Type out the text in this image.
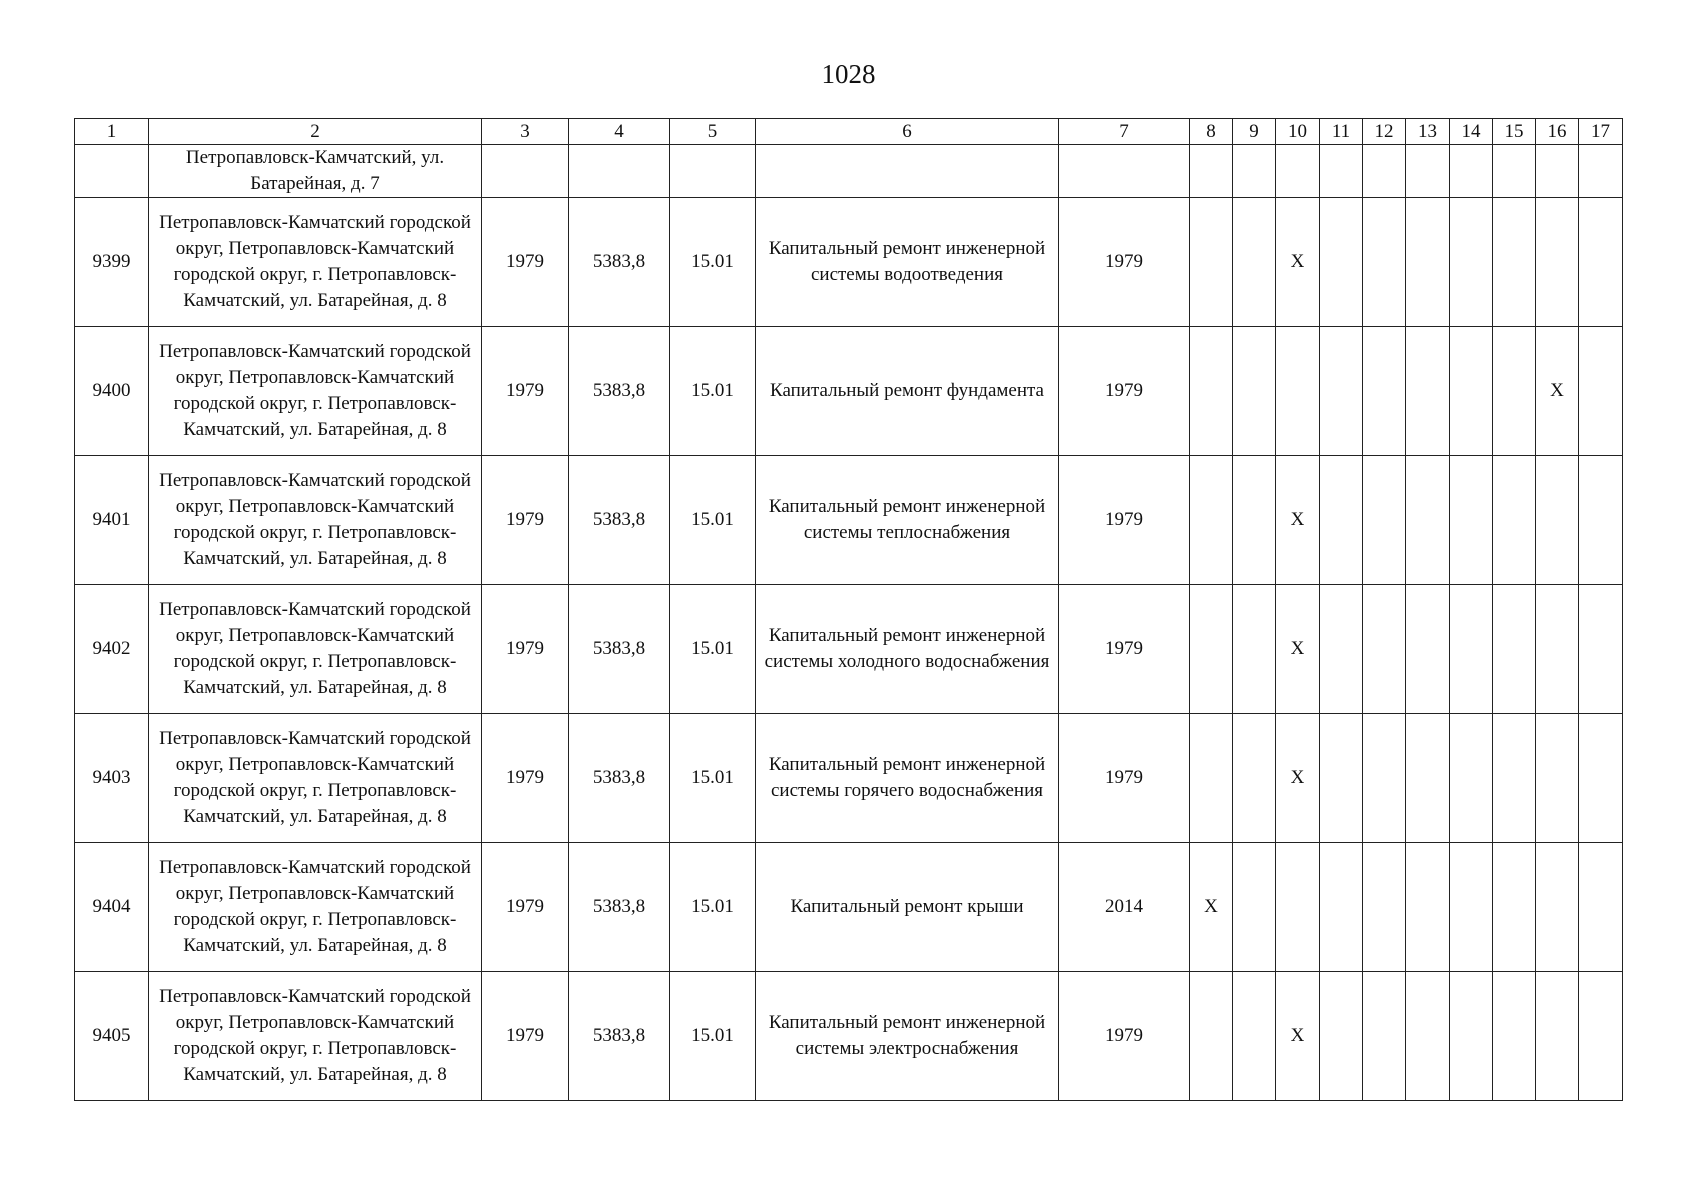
1028
1	2	3	4	5	6	7	8	9	10	11	12	13	14	15	16	17
	Петропавловск-Камчатский, ул. Батарейная, д. 7															
9399	Петропавловск-Камчатский городской округ, Петропавловск-Камчатский городской округ, г. Петропавловск-Камчатский, ул. Батарейная, д. 8	1979	5383,8	15.01	Капитальный ремонт инженерной системы водоотведения	1979			X							
9400	Петропавловск-Камчатский городской округ, Петропавловск-Камчатский городской округ, г. Петропавловск-Камчатский, ул. Батарейная, д. 8	1979	5383,8	15.01	Капитальный ремонт фундамента	1979									X	
9401	Петропавловск-Камчатский городской округ, Петропавловск-Камчатский городской округ, г. Петропавловск-Камчатский, ул. Батарейная, д. 8	1979	5383,8	15.01	Капитальный ремонт инженерной системы теплоснабжения	1979			X							
9402	Петропавловск-Камчатский городской округ, Петропавловск-Камчатский городской округ, г. Петропавловск-Камчатский, ул. Батарейная, д. 8	1979	5383,8	15.01	Капитальный ремонт инженерной системы холодного водоснабжения	1979			X							
9403	Петропавловск-Камчатский городской округ, Петропавловск-Камчатский городской округ, г. Петропавловск-Камчатский, ул. Батарейная, д. 8	1979	5383,8	15.01	Капитальный ремонт инженерной системы горячего водоснабжения	1979			X							
9404	Петропавловск-Камчатский городской округ, Петропавловск-Камчатский городской округ, г. Петропавловск-Камчатский, ул. Батарейная, д. 8	1979	5383,8	15.01	Капитальный ремонт крыши	2014	X									
9405	Петропавловск-Камчатский городской округ, Петропавловск-Камчатский городской округ, г. Петропавловск-Камчатский, ул. Батарейная, д. 8	1979	5383,8	15.01	Капитальный ремонт инженерной системы электроснабжения	1979			X							
